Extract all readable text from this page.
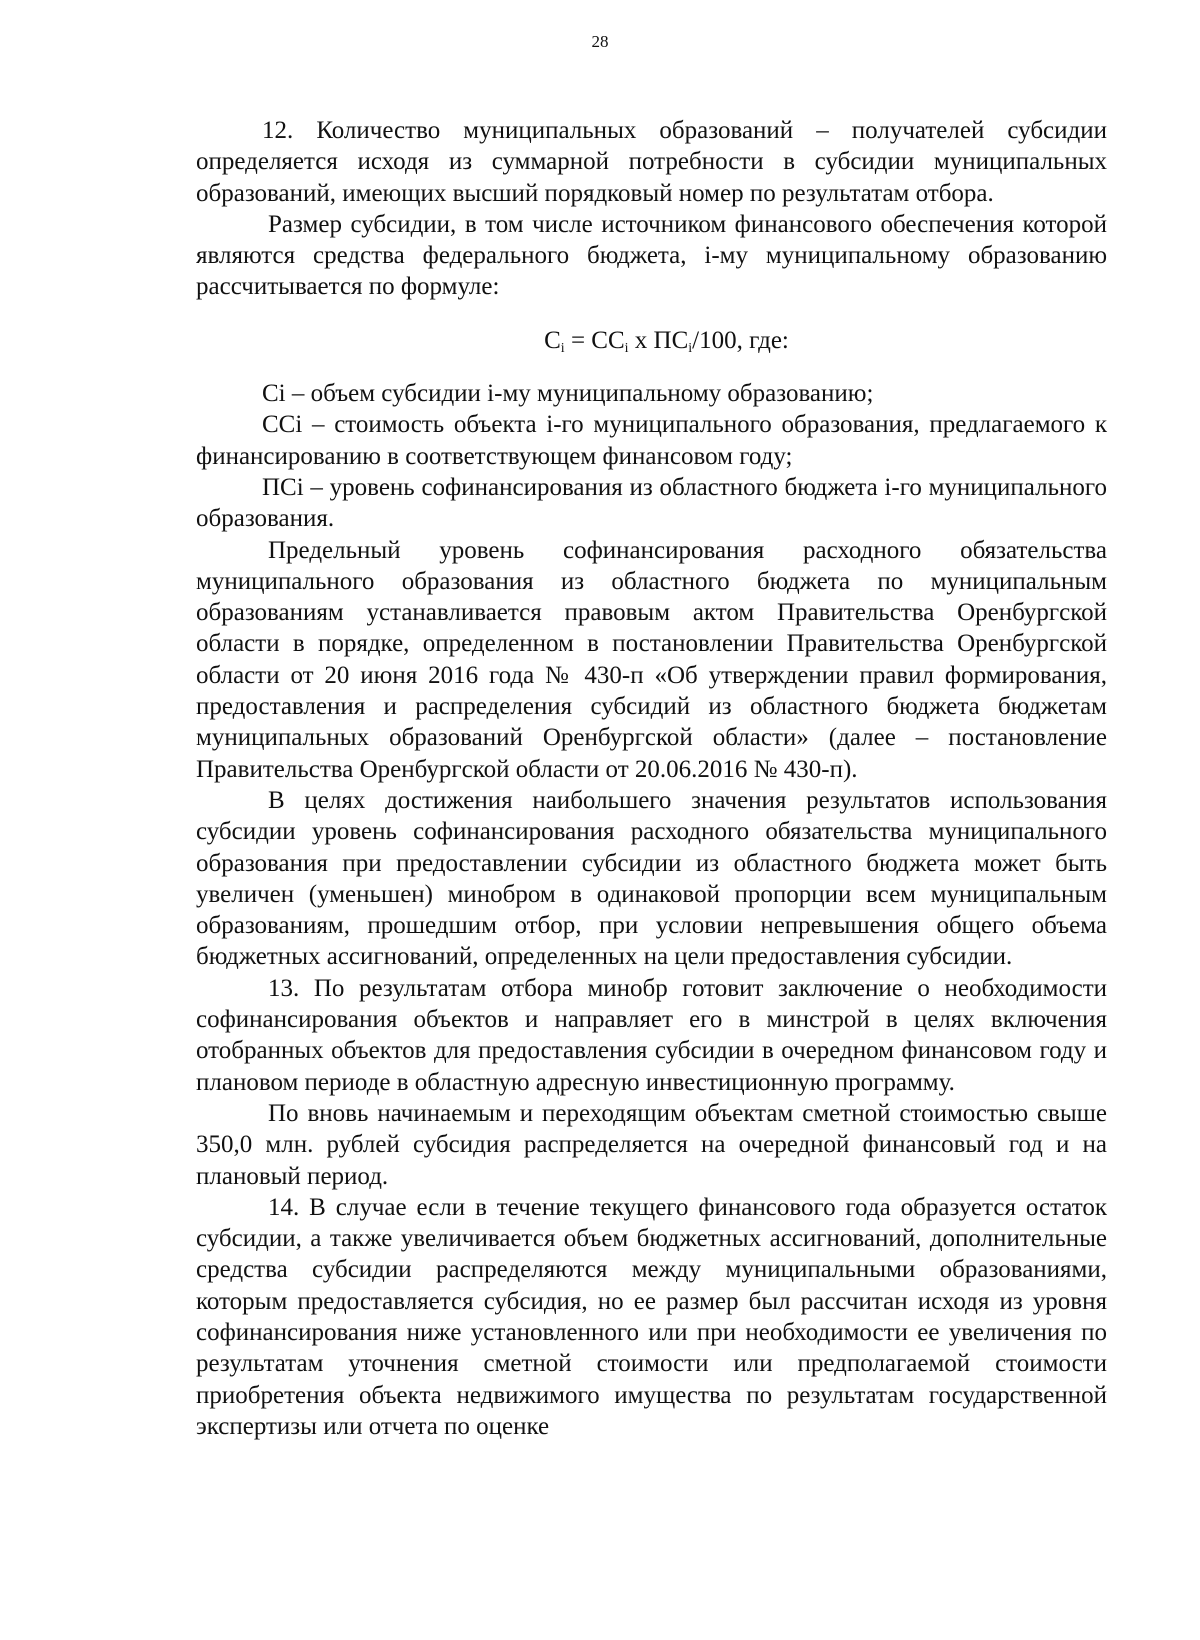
28

12. Количество муниципальных образований – получателей субсидии определяется исходя из суммарной потребности в субсидии муниципальных образований, имеющих высший порядковый номер по результатам отбора.

Размер субсидии, в том числе источником финансового обеспечения которой являются средства федерального бюджета, i-му муниципальному образованию рассчитывается по формуле:

$С_i = СС_i$ х $ПС_i/100$, где:

Сi – объем субсидии i-му муниципальному образованию;

ССi – стоимость объекта i-го муниципального образования, предлагаемого к финансированию в соответствующем финансовом году;

ПСi – уровень софинансирования из областного бюджета i-го муниципального образования.

Предельный уровень софинансирования расходного обязательства муниципального образования из областного бюджета по муниципальным образованиям устанавливается правовым актом Правительства Оренбургской области в порядке, определенном в постановлении Правительства Оренбургской области от 20 июня 2016 года № 430-п «Об утверждении правил формирования, предоставления и распределения субсидий из областного бюджета бюджетам муниципальных образований Оренбургской области» (далее – постановление Правительства Оренбургской области от 20.06.2016 № 430-п).

В целях достижения наибольшего значения результатов использования субсидии уровень софинансирования расходного обязательства муниципального образования при предоставлении субсидии из областного бюджета может быть увеличен (уменьшен) минобром в одинаковой пропорции всем муниципальным образованиям, прошедшим отбор, при условии непревышения общего объема бюджетных ассигнований, определенных на цели предоставления субсидии.

13. По результатам отбора минобр готовит заключение о необходимости софинансирования объектов и направляет его в минстрой в целях включения отобранных объектов для предоставления субсидии в очередном финансовом году и плановом периоде в областную адресную инвестиционную программу.

По вновь начинаемым и переходящим объектам сметной стоимостью свыше 350,0 млн. рублей субсидия распределяется на очередной финансовый год и на плановый период.

14. В случае если в течение текущего финансового года образуется остаток субсидии, а также увеличивается объем бюджетных ассигнований, дополнительные средства субсидии распределяются между муниципальными образованиями, которым предоставляется субсидия, но ее размер был рассчитан исходя из уровня софинансирования ниже установленного или при необходимости ее увеличения по результатам уточнения сметной стоимости или предполагаемой стоимости приобретения объекта недвижимого имущества по результатам государственной экспертизы или отчета по оценке
